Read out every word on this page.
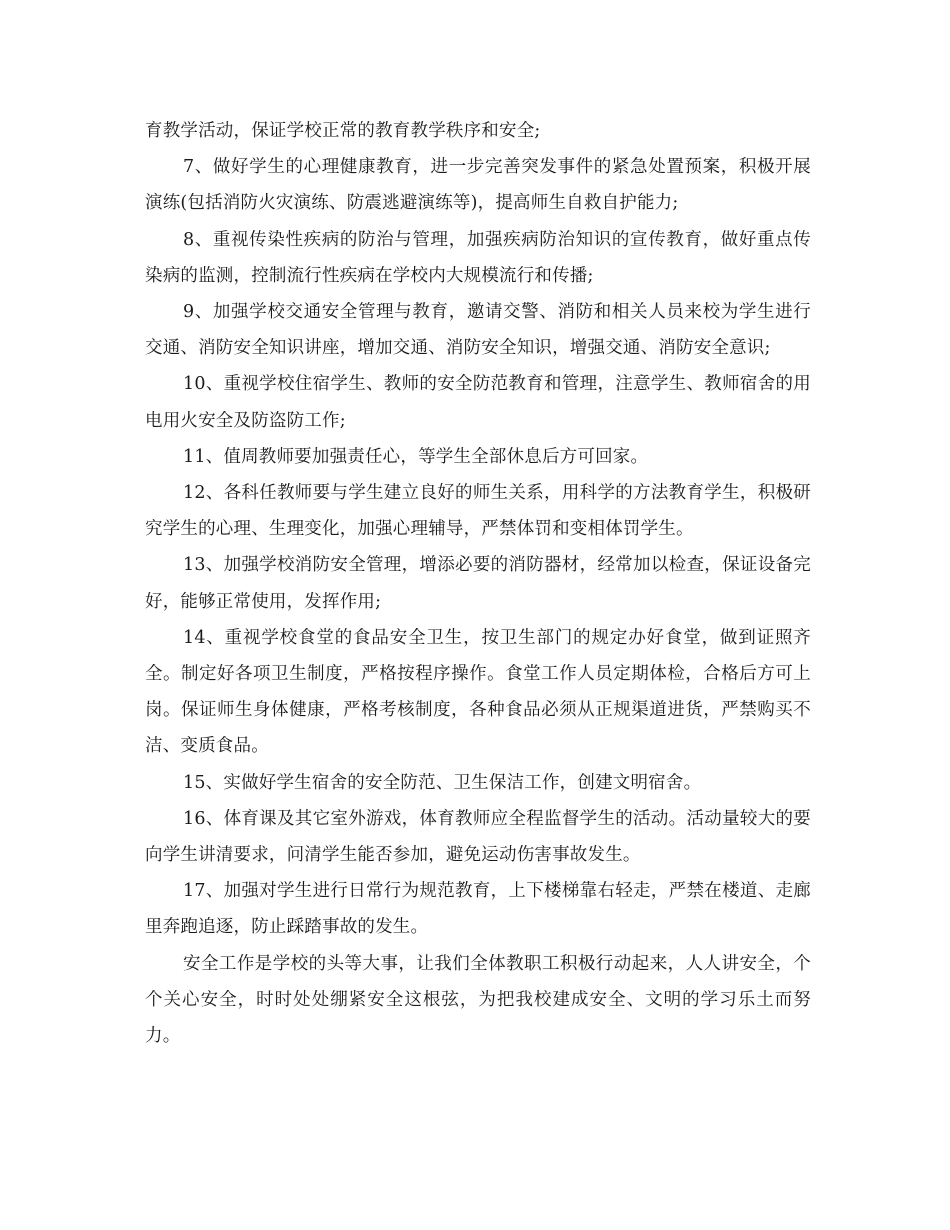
育教学活动，保证学校正常的教育教学秩序和安全;

7、做好学生的心理健康教育，进一步完善突发事件的紧急处置预案，积极开展演练(包括消防火灾演练、防震逃避演练等)，提高师生自救自护能力;

8、重视传染性疾病的防治与管理，加强疾病防治知识的宣传教育，做好重点传染病的监测，控制流行性疾病在学校内大规模流行和传播;

9、加强学校交通安全管理与教育，邀请交警、消防和相关人员来校为学生进行交通、消防安全知识讲座，增加交通、消防安全知识，增强交通、消防安全意识;

10、重视学校住宿学生、教师的安全防范教育和管理，注意学生、教师宿舍的用电用火安全及防盗防工作;

11、值周教师要加强责任心，等学生全部休息后方可回家。

12、各科任教师要与学生建立良好的师生关系，用科学的方法教育学生，积极研究学生的心理、生理变化，加强心理辅导，严禁体罚和变相体罚学生。

13、加强学校消防安全管理，增添必要的消防器材，经常加以检查，保证设备完好，能够正常使用，发挥作用;

14、重视学校食堂的食品安全卫生，按卫生部门的规定办好食堂，做到证照齐全。制定好各项卫生制度，严格按程序操作。食堂工作人员定期体检，合格后方可上岗。保证师生身体健康，严格考核制度，各种食品必须从正规渠道进货，严禁购买不洁、变质食品。

15、实做好学生宿舍的安全防范、卫生保洁工作，创建文明宿舍。

16、体育课及其它室外游戏，体育教师应全程监督学生的活动。活动量较大的要向学生讲清要求，问清学生能否参加，避免运动伤害事故发生。

17、加强对学生进行日常行为规范教育，上下楼梯靠右轻走，严禁在楼道、走廊里奔跑追逐，防止踩踏事故的发生。

安全工作是学校的头等大事，让我们全体教职工积极行动起来，人人讲安全，个个关心安全，时时处处绷紧安全这根弦，为把我校建成安全、文明的学习乐土而努力。
